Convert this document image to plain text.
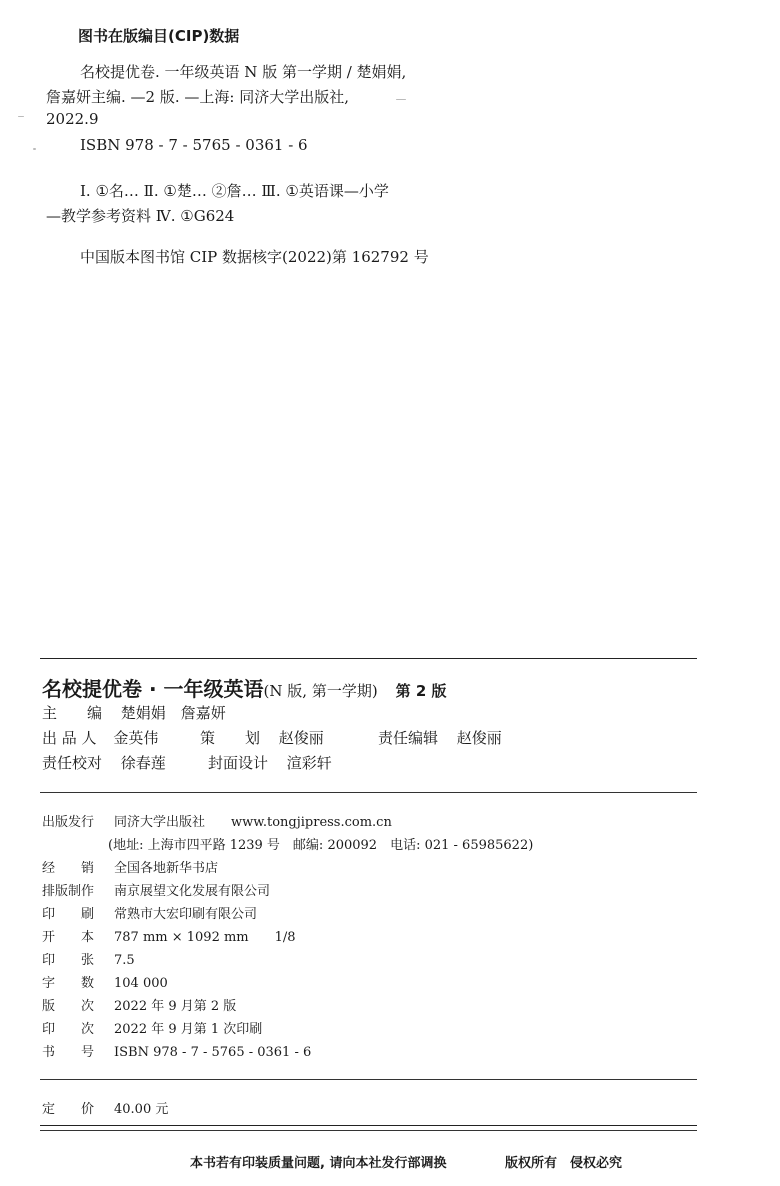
图书在版编目(CIP)数据
名校提优卷. 一年级英语 N 版 第一学期 / 楚娟娟,
詹嘉妍主编. —2 版. —上海: 同济大学出版社,
2022.9
ISBN 978 - 7 - 5765 - 0361 - 6
Ⅰ. ①名… Ⅱ. ①楚… ②詹… Ⅲ. ①英语课—小学
—教学参考资料 Ⅳ. ①G624
中国版本图书馆 CIP 数据核字(2022)第 162792 号
名校提优卷 · 一年级英语(N 版, 第一学期) 第 2 版
主　　编 楚娟娟　詹嘉妍
出 品 人 金英伟	策　　划 赵俊丽	责任编辑 赵俊丽
责任校对 徐春莲	封面设计 渲彩轩
出版发行 同济大学出版社　　www.tongjipress.com.cn
(地址: 上海市四平路 1239 号　邮编: 200092　电话: 021 - 65985622)
经销 全国各地新华书店
排版制作 南京展望文化发展有限公司
印刷 常熟市大宏印刷有限公司
开本 787 mm × 1092 mm　　1/8
印张 7.5
字数 104 000
版次 2022 年 9 月第 2 版
印次 2022 年 9 月第 1 次印刷
书号 ISBN 978 - 7 - 5765 - 0361 - 6
定价 40.00 元
本书若有印装质量问题, 请向本社发行部调换	版权所有　侵权必究
